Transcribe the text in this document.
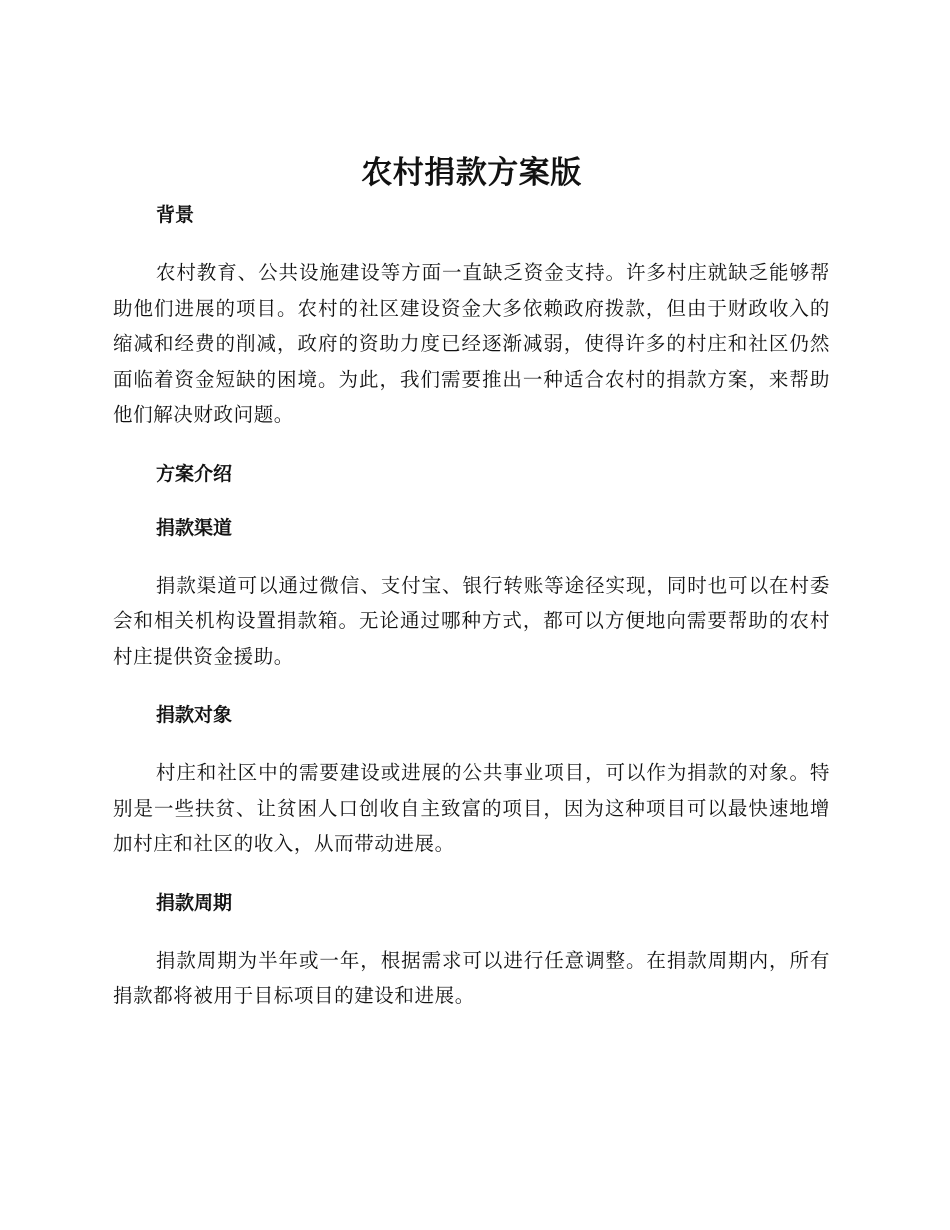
农村捐款方案版
背景

农村教育、公共设施建设等方面一直缺乏资金支持。许多村庄就缺乏能够帮助他们进展的项目。农村的社区建设资金大多依赖政府拨款，但由于财政收入的缩减和经费的削减，政府的资助力度已经逐渐减弱，使得许多的村庄和社区仍然面临着资金短缺的困境。为此，我们需要推出一种适合农村的捐款方案，来帮助他们解决财政问题。

方案介绍
捐款渠道

捐款渠道可以通过微信、支付宝、银行转账等途径实现，同时也可以在村委会和相关机构设置捐款箱。无论通过哪种方式，都可以方便地向需要帮助的农村村庄提供资金援助。

捐款对象

村庄和社区中的需要建设或进展的公共事业项目，可以作为捐款的对象。特别是一些扶贫、让贫困人口创收自主致富的项目，因为这种项目可以最快速地增加村庄和社区的收入，从而带动进展。

捐款周期

捐款周期为半年或一年，根据需求可以进行任意调整。在捐款周期内，所有捐款都将被用于目标项目的建设和进展。
